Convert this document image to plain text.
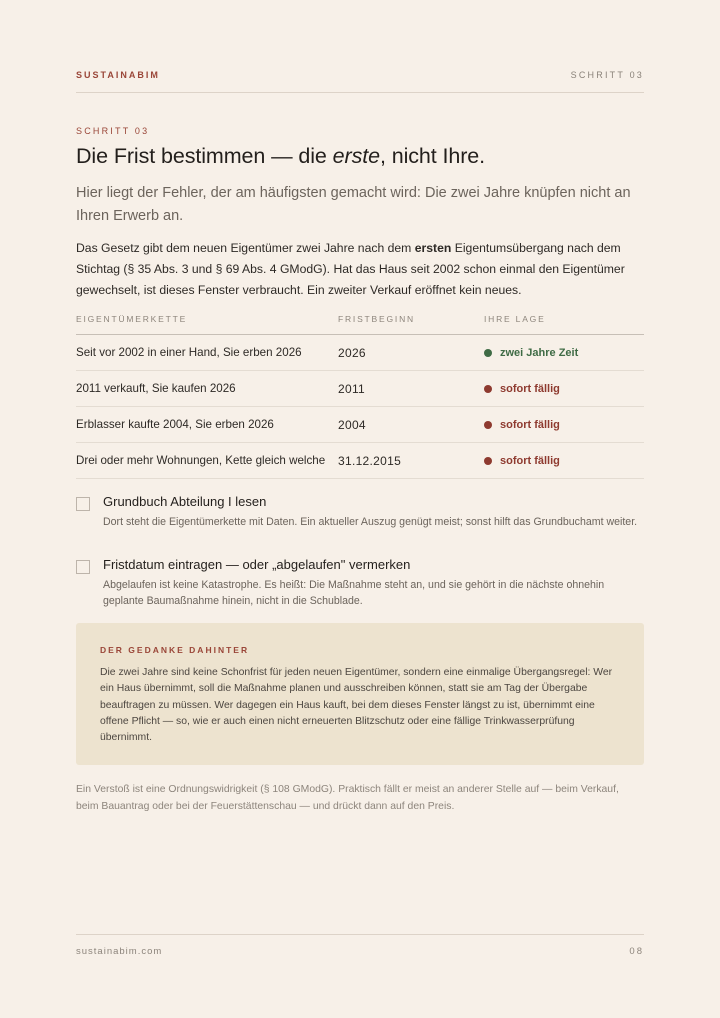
SUSTAINABIM	SCHRITT 03
SCHRITT 03
Die Frist bestimmen — die erste, nicht Ihre.
Hier liegt der Fehler, der am häufigsten gemacht wird: Die zwei Jahre knüpfen nicht an Ihren Erwerb an.
Das Gesetz gibt dem neuen Eigentümer zwei Jahre nach dem ersten Eigentumsübergang nach dem Stichtag (§ 35 Abs. 3 und § 69 Abs. 4 GModG). Hat das Haus seit 2002 schon einmal den Eigentümer gewechselt, ist dieses Fenster verbraucht. Ein zweiter Verkauf eröffnet kein neues.
EIGENTÜMERKETTE	FRISTBEGINN	IHRE LAGE
Seit vor 2002 in einer Hand, Sie erben 2026	2026	zwei Jahre Zeit
2011 verkauft, Sie kaufen 2026	2011	sofort fällig
Erblasser kaufte 2004, Sie erben 2026	2004	sofort fällig
Drei oder mehr Wohnungen, Kette gleich welche	31.12.2015	sofort fällig
Grundbuch Abteilung I lesen
Dort steht die Eigentümerkette mit Daten. Ein aktueller Auszug genügt meist; sonst hilft das Grundbuchamt weiter.
Fristdatum eintragen — oder „abgelaufen" vermerken
Abgelaufen ist keine Katastrophe. Es heißt: Die Maßnahme steht an, und sie gehört in die nächste ohnehin geplante Baumaßnahme hinein, nicht in die Schublade.
DER GEDANKE DAHINTER
Die zwei Jahre sind keine Schonfrist für jeden neuen Eigentümer, sondern eine einmalige Übergangsregel: Wer ein Haus übernimmt, soll die Maßnahme planen und ausschreiben können, statt sie am Tag der Übergabe beauftragen zu müssen. Wer dagegen ein Haus kauft, bei dem dieses Fenster längst zu ist, übernimmt eine offene Pflicht — so, wie er auch einen nicht erneuerten Blitzschutz oder eine fällige Trinkwasserprüfung übernimmt.
Ein Verstoß ist eine Ordnungswidrigkeit (§ 108 GModG). Praktisch fällt er meist an anderer Stelle auf — beim Verkauf, beim Bauantrag oder bei der Feuerstättenschau — und drückt dann auf den Preis.
sustainabim.com	08
